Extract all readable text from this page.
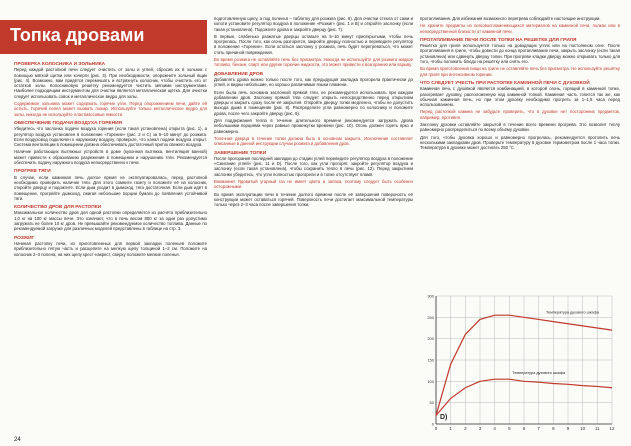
Топка дровами
ПРОВЕРКА КОЛОСНИКА И ЗОЛЬНИКА

Перед каждой растопкой печи следует очистить от золы и углей, сбросив их в зольник с помощью мягкой щетки или кочерги (рис. 3). При необходимости, опорожните зольный ящик (рис. 4). Возможно, вам придётся перемешать и встряхнуть колосник, чтобы очистить его от остатков золы. Колосниковую решётку рекомендуется чистить мягкими инструментами. Наиболее подходящим инструментом для очистки является металлическая щётка. Для очистки следует использовать совок и металлическое ведро для золы.

Содержимое зольника может содержать горячие угли. Перед опорожнением печи, дайте ей остыть. Горячий пепел может вызвать пожар. Используйте только металлическое ведро для золы, никогда не используйте пластмассовые ёмкости.

ОБЕСПЕЧЕНИЕ ПОДАЧИ ВОЗДУХА ГОРЕНИЯ

Убедитесь что заслонка подачи воздуха горения (если такая установлена) открыта (рис. 1), а регулятор воздуха установлен в положение «Горение» (рис. 2 и C) за 5–10 минут до розжига. Если воздуховод подключен к наружному воздуху, проверьте, что канал подачи воздуха открыт. Система вентиляции в помещении должна обеспечивать достаточный приток свежего воздуха.

Наличие работающих вытяжных устройств в доме (кухонная вытяжка, вентиляция ванной) может привести к образованию разрежения в помещении и нарушению тяги. Рекомендуется обеспечить подачу наружного воздуха непосредственно к печи.

ПРОГРЕВ ТЯГИ

В случае, если каминная печь долгое время не эксплуатировалась, перед растопкой необходимо проверить наличие тяги. Для этого сомните газету и положите её на колосник, откройте дверцу и подожгите. Если дым уходит в дымоход, тяга достаточная. Если дым идёт в помещение, прогрейте дымоход, сжигая небольшие порции бумаги до появления устойчивой тяги.

КОЛИЧЕСТВО ДРОВ ДЛЯ РАСТОПКИ

Максимальное количество дров для одной растопки определяется из расчёта приблизительно 1,0 кг на 100 кг массы печи. Это означает, что в печь весом 800 кг за один раз допустимо загружать не более 10 кг дров. Не превышайте рекомендуемое количество топлива. Данные по рекомендуемой загрузке для различных моделей представлены в таблице на стр. 3.

РОЗЖИГ

Начиная растопку печи, из приготовленных для первой закладки поленьев положите приблизительно пятую часть и расщепите на мелкую щепу толщиной 1–2 см. Положите на колосник 2–3 полена, на них щепу крест-накрест, сверху положите мелкие поленья.

подготовленную щепу, а под поленья – таблетку для розжига (рис. 6). Для очистки стекла от сажи и копоти установите регулятор воздуха в положение «Розжиг» (рис. 1 и B) и откройте заслонку (если такая установлена). Подожгите дрова и закройте дверцу (рис. 7).

В первые, слабенько разжатые дверцы оставьте на 5–10 минут приоткрытыми, чтобы печь прогрелась. После того, как огонь разгорится, закройте дверцу полностью и переведите регулятор в положение «Горение». Если остаться заслонку у розжига, печь будет перегреваться, что может стать причиной повреждения.

Во время розжига не оставляйте печь без присмотра. Никогда не используйте для розжига жидкое топливо, бензин, спирт или другие горючие жидкости, это может привести к возгоранию или взрыву.

ДОБАВЛЕНИЕ ДРОВ

Добавлять дрова можно только после того, как предыдущая закладка прогорела практически до углей, и видны небольшие, но хорошо различимые языки пламени.

Если была печь основана заслонкой прямой тяги, ее рекомендуется использовать при каждом добавлении дров. Заслонку прямой тяги следует открыть непосредственно перед открытием дверцы и закрыть сразу после её закрытия. Откройте дверцу топки медленно, чтобы не допустить выхода дыма в помещение (рис. 8). Распределите угли равномерно по колоснику и положите дрова, после чего закройте дверцу (рис. 9).

Для поддержания тепла в течение длительного времени рекомендуется загружать дрова небольшими порциями через равные промежутки времени (рис. 10). Огонь должен гореть ярко и равномерно.

Топочная дверца в течение топки должна быть в основном закрыта. Исключение составляет описанные в данной инструкции случаи розжига и добавления дров.

ЗАВЕРШЕНИЕ ТОПКИ

После прогорания последней закладки до стадии углей переведите регулятор воздуха в положение «Сжигание углей» (рис. 11 и D). После того, как угли прогорят, закройте регулятор воздуха и заслонку (если такая установлена), чтобы сохранить тепло в печи (рис. 12). Перед закрытием заслонки убедитесь, что угли полностью прогорели и в топке отсутствует пламя.

Внимание! Ядовитый угарный газ не имеет цвета и запаха, поэтому следует быть особенно осторожными.

Во время эксплуатации печи в течение долгого времени после её завершения поверхность её конструкции может оставаться горячей. Поверхность печи достигает максимальной температуры только через 2–3 часа после завершения топки.

протапливания. Для избежания возможного перегрева соблюдайте настоящие инструкции.

Не храните предметы из легковоспламеняющихся материалов на каминной печи, полках или в непосредственной близости от каминной печи.

ПРОТАПЛИВАНИЕ ПЕЧИ ПОСЛЕ ТОПКИ НА РЕШЕТКЕ ДЛЯ ГРИЛЯ

Решётка для гриля используется только на доводящих углях или на постоянном огне. После протапливания в гриле, чтобы довести до конца протапливание печи, закрыть заслонку (если такая установлена) или сдвинуть дверцу топки. При прогреве кладки дверцу можно открывать только для того, чтобы положить блюдо на решётку или снять его.

Во время приготовления пищи на гриле не оставляйте печь без присмотра. Не используйте решётку для гриля при интенсивном горении.

ЧТО СЛЕДУЕТ УЧЕСТЬ ПРИ РАСТОПКЕ КАМИННОЙ ПЕЧИ С ДУХОВКОЙ

Каминная печь с духовкой является комбинацией, в которой огонь, горящий в каминной топке, разогревает духовку, расположенную над каминной топкой. Каминная часть топится так же, как обычная каминная печь, но при этом духовку необходимо прогреть за 1–1,5 часа перед использованием.

Перед растопкой камина не забудьте проверить, что в духовке нет посторонних предметов, например, противня.

Заслонку духовки оставляйте закрытой в течение всего времени прогрева. Это позволит теплу равномерно распределиться по всему объёму духовки.

Для того, чтобы духовка хорошо и равномерно прогрелась, рекомендуется протопить печь несколькими закладками дров. Проверьте температуру в духовке термометром после 1 часа топки. Температура в духовке может достигать 250 °C.

0
50
100
150
200
250
300
0	1	2	3	4	5	6	7	8	9 10 11 12
Температура духового шкафа
Температура духового шкафа
D)
24
